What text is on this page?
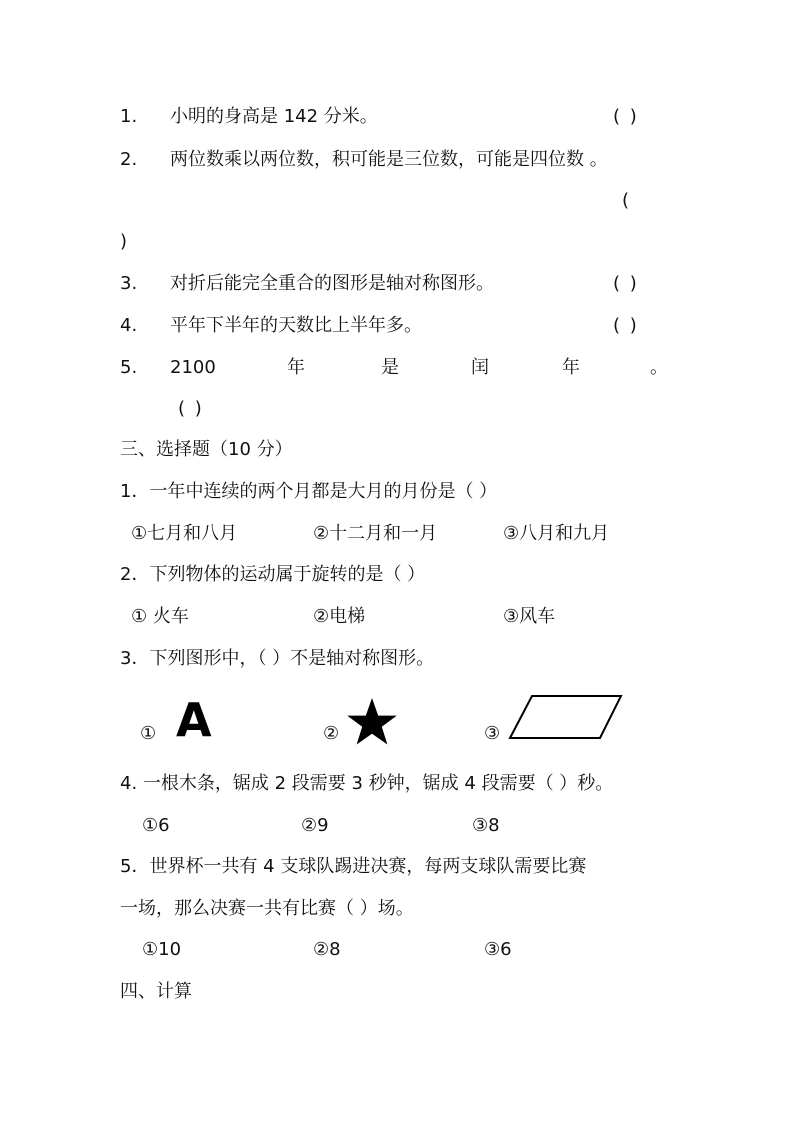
1. 小明的身高是 142 分米。	( )
2. 两位数乘以两位数，积可能是三位数，可能是四位数 。
(
)
3. 对折后能完全重合的图形是轴对称图形。	( )
4. 平年下半年的天数比上半年多。	( )
5. 2100	年	是	闰	年	。
( )
三、选择题（10 分）
1．一年中连续的两个月都是大月的月份是（ ）
①七月和八月	②十二月和一月	③八月和九月
2．下列物体的运动属于旋转的是（ ）
① 火车	②电梯	③风车
3．下列图形中，（ ）不是轴对称图形。
① A	②	③
4. 一根木条，锯成 2 段需要 3 秒钟，锯成 4 段需要（ ）秒。
①6	②9	③8
5．世界杯一共有 4 支球队踢进决赛，每两支球队需要比赛
一场，那么决赛一共有比赛（ ）场。
①10	②8	③6
四、计算
